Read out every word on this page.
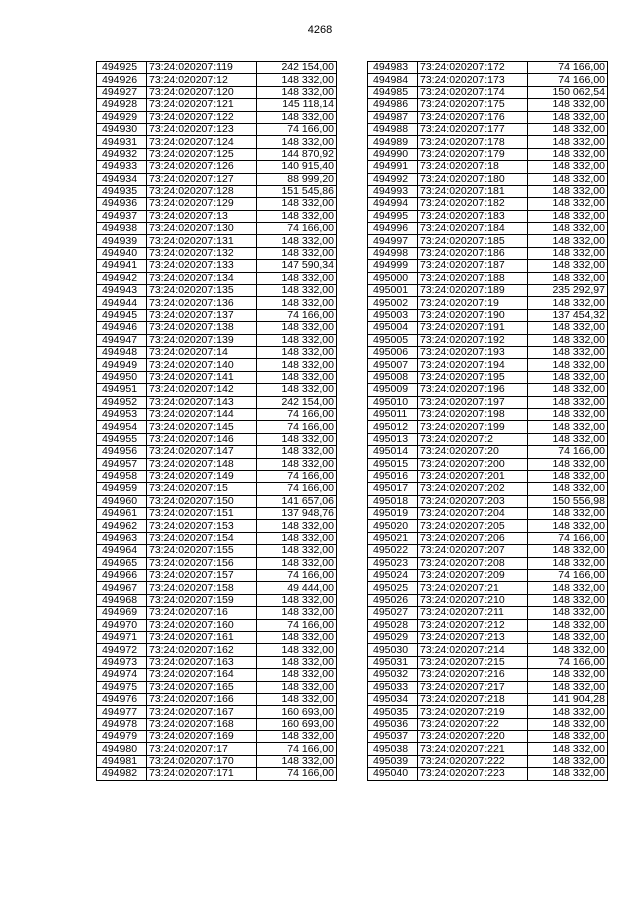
4268
494925	73:24:020207:119	242 154,00
494926	73:24:020207:12	148 332,00
494927	73:24:020207:120	148 332,00
494928	73:24:020207:121	145 118,14
494929	73:24:020207:122	148 332,00
494930	73:24:020207:123	74 166,00
494931	73:24:020207:124	148 332,00
494932	73:24:020207:125	144 870,92
494933	73:24:020207:126	140 915,40
494934	73:24:020207:127	88 999,20
494935	73:24:020207:128	151 545,86
494936	73:24:020207:129	148 332,00
494937	73:24:020207:13	148 332,00
494938	73:24:020207:130	74 166,00
494939	73:24:020207:131	148 332,00
494940	73:24:020207:132	148 332,00
494941	73:24:020207:133	147 590,34
494942	73:24:020207:134	148 332,00
494943	73:24:020207:135	148 332,00
494944	73:24:020207:136	148 332,00
494945	73:24:020207:137	74 166,00
494946	73:24:020207:138	148 332,00
494947	73:24:020207:139	148 332,00
494948	73:24:020207:14	148 332,00
494949	73:24:020207:140	148 332,00
494950	73:24:020207:141	148 332,00
494951	73:24:020207:142	148 332,00
494952	73:24:020207:143	242 154,00
494953	73:24:020207:144	74 166,00
494954	73:24:020207:145	74 166,00
494955	73:24:020207:146	148 332,00
494956	73:24:020207:147	148 332,00
494957	73:24:020207:148	148 332,00
494958	73:24:020207:149	74 166,00
494959	73:24:020207:15	74 166,00
494960	73:24:020207:150	141 657,06
494961	73:24:020207:151	137 948,76
494962	73:24:020207:153	148 332,00
494963	73:24:020207:154	148 332,00
494964	73:24:020207:155	148 332,00
494965	73:24:020207:156	148 332,00
494966	73:24:020207:157	74 166,00
494967	73:24:020207:158	49 444,00
494968	73:24:020207:159	148 332,00
494969	73:24:020207:16	148 332,00
494970	73:24:020207:160	74 166,00
494971	73:24:020207:161	148 332,00
494972	73:24:020207:162	148 332,00
494973	73:24:020207:163	148 332,00
494974	73:24:020207:164	148 332,00
494975	73:24:020207:165	148 332,00
494976	73:24:020207:166	148 332,00
494977	73:24:020207:167	160 693,00
494978	73:24:020207:168	160 693,00
494979	73:24:020207:169	148 332,00
494980	73:24:020207:17	74 166,00
494981	73:24:020207:170	148 332,00
494982	73:24:020207:171	74 166,00
494983	73:24:020207:172	74 166,00
494984	73:24:020207:173	74 166,00
494985	73:24:020207:174	150 062,54
494986	73:24:020207:175	148 332,00
494987	73:24:020207:176	148 332,00
494988	73:24:020207:177	148 332,00
494989	73:24:020207:178	148 332,00
494990	73:24:020207:179	148 332,00
494991	73:24:020207:18	148 332,00
494992	73:24:020207:180	148 332,00
494993	73:24:020207:181	148 332,00
494994	73:24:020207:182	148 332,00
494995	73:24:020207:183	148 332,00
494996	73:24:020207:184	148 332,00
494997	73:24:020207:185	148 332,00
494998	73:24:020207:186	148 332,00
494999	73:24:020207:187	148 332,00
495000	73:24:020207:188	148 332,00
495001	73:24:020207:189	235 292,97
495002	73:24:020207:19	148 332,00
495003	73:24:020207:190	137 454,32
495004	73:24:020207:191	148 332,00
495005	73:24:020207:192	148 332,00
495006	73:24:020207:193	148 332,00
495007	73:24:020207:194	148 332,00
495008	73:24:020207:195	148 332,00
495009	73:24:020207:196	148 332,00
495010	73:24:020207:197	148 332,00
495011	73:24:020207:198	148 332,00
495012	73:24:020207:199	148 332,00
495013	73:24:020207:2	148 332,00
495014	73:24:020207:20	74 166,00
495015	73:24:020207:200	148 332,00
495016	73:24:020207:201	148 332,00
495017	73:24:020207:202	148 332,00
495018	73:24:020207:203	150 556,98
495019	73:24:020207:204	148 332,00
495020	73:24:020207:205	148 332,00
495021	73:24:020207:206	74 166,00
495022	73:24:020207:207	148 332,00
495023	73:24:020207:208	148 332,00
495024	73:24:020207:209	74 166,00
495025	73:24:020207:21	148 332,00
495026	73:24:020207:210	148 332,00
495027	73:24:020207:211	148 332,00
495028	73:24:020207:212	148 332,00
495029	73:24:020207:213	148 332,00
495030	73:24:020207:214	148 332,00
495031	73:24:020207:215	74 166,00
495032	73:24:020207:216	148 332,00
495033	73:24:020207:217	148 332,00
495034	73:24:020207:218	141 904,28
495035	73:24:020207:219	148 332,00
495036	73:24:020207:22	148 332,00
495037	73:24:020207:220	148 332,00
495038	73:24:020207:221	148 332,00
495039	73:24:020207:222	148 332,00
495040	73:24:020207:223	148 332,00
